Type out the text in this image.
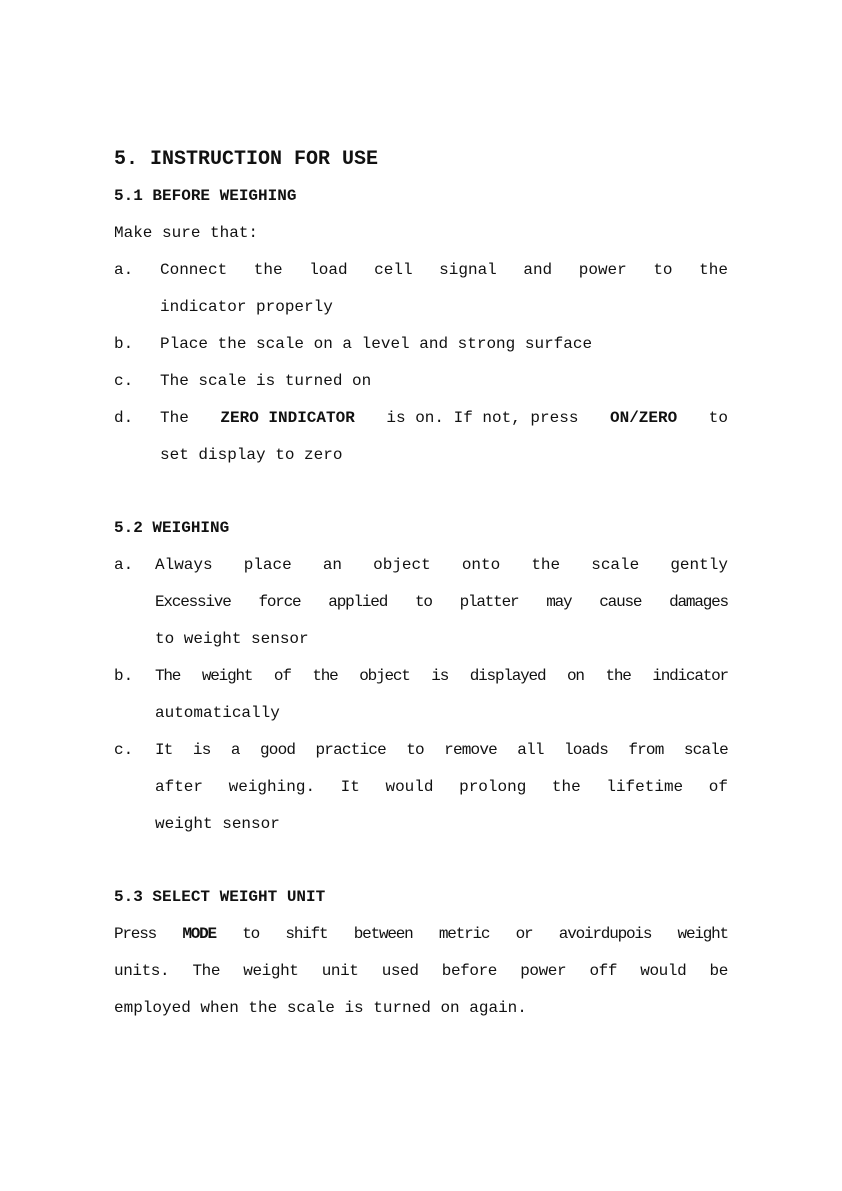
5. INSTRUCTION FOR USE
5.1 BEFORE WEIGHING
Make sure that:
a.	Connect the load cell signal and power to the
indicator properly
b.	Place the scale on a level and strong surface
c.	The scale is turned on
d.	The ZERO INDICATOR is on. If not, press ON/ZERO to
set display to zero
5.2 WEIGHING
a.	Always place an object onto the scale gently
Excessive force applied to platter may cause damages
to weight sensor
b.	The weight of the object is displayed on the indicator
automatically
c.	It is a good practice to remove all loads from scale
after weighing. It would prolong the lifetime of
weight sensor
5.3 SELECT WEIGHT UNIT
Press MODE to shift between metric or avoirdupois weight
units. The weight unit used before power off would be
employed when the scale is turned on again.
